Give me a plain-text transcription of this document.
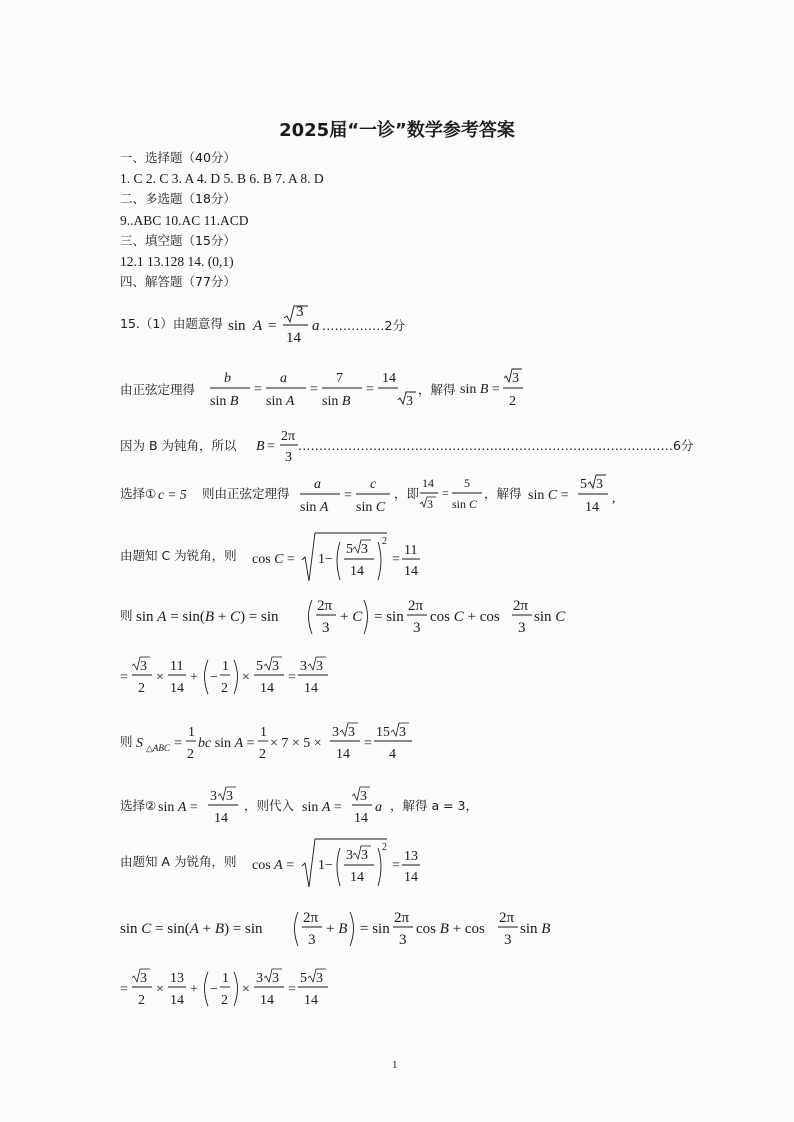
2025届“一诊”数学参考答案
一、选择题（40分）
1. C 2. C 3. A 4. D 5. B 6. B 7. A 8. D
二、多选题（18分）
9..ABC 10.AC 11.ACD
三、填空题（15分）
12.1 13.128 14. (0,1)
四、解答题（77分）
15.（1）由题意得 sin A =
3
14
a ……………2分
由正弦定理得
b
sin B
=
a
sin A
=
7
sin B
=
14
3
，解得 sin B =
3
2
因为 B 为钝角，所以 B =
2π
3
………………………………………………………………………………6分
选择① c = 5 则由正弦定理得
a
sin A
=
c
sin C
，即
14
3
=
5
sin C
，解得 sin C =
5 3
14
,
由题知 C 为锐角，则 cos C = 1−
5 3
14
2
=
11
14
则 sin A = sin(B + C) = sin
2π
3
+ C = sin
2π
3
cos C + cos
2π
3
sin C
=
3
2
×
11
14
+ −
1
2
×
5 3
14
=
3 3
14
则 S △ABC =
1
2
bc sin A =
1
2
× 7 × 5 ×
3 3
14
=
15 3
4
选择② sin A =
3 3
14
，则代入 sin A =
3
14
a ，解得 a = 3，
由题知 A 为锐角，则 cos A = 1−
3 3
14
2
=
13
14
sin C = sin(A + B) = sin
2π
3
+ B = sin
2π
3
cos B + cos
2π
3
sin B
=
3
2
×
13
14
+ −
1
2
×
3 3
14
=
5 3
14
1
